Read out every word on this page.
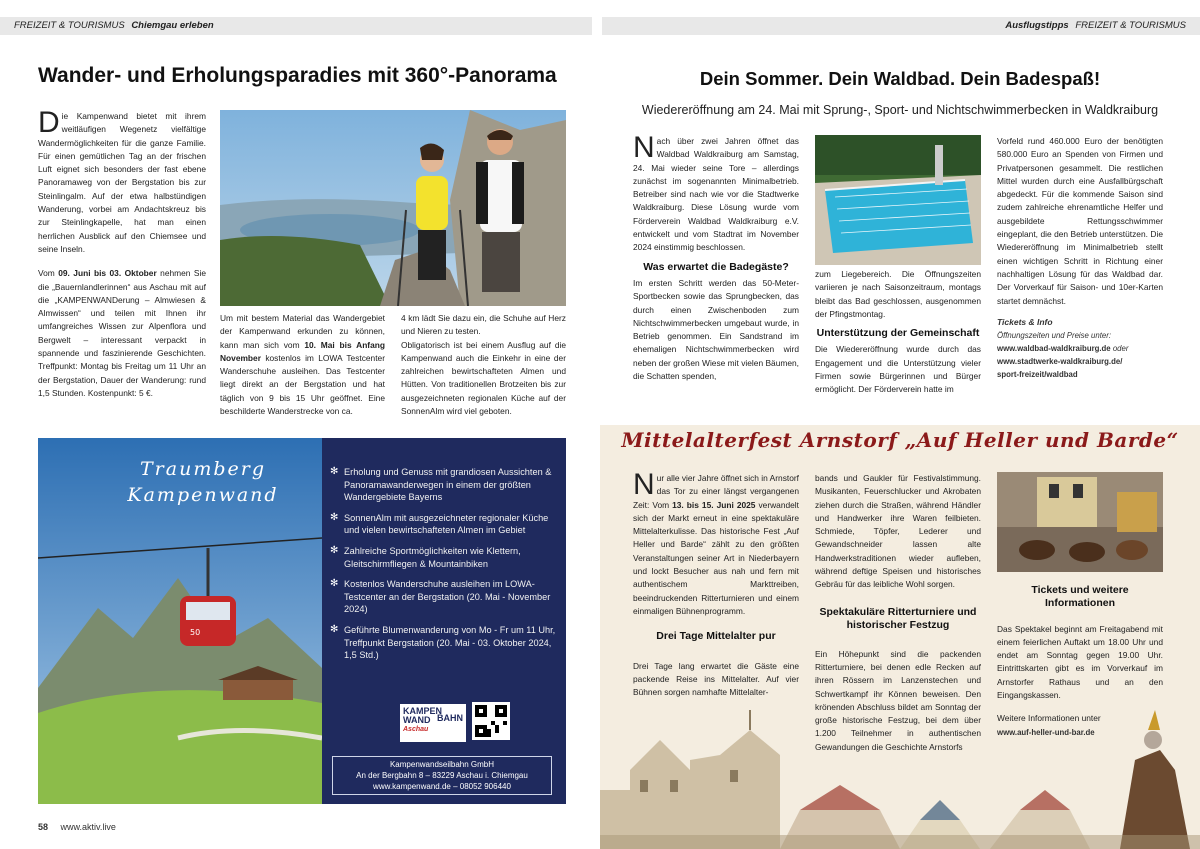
FREIZEIT & TOURISMUS Chiemgau erleben
Wander- und Erholungsparadies mit 360°-Panorama

Die Kampenwand bietet mit ihrem weitläufigen Wegenetz vielfältige Wandermöglichkeiten für die ganze Familie. Für einen gemütlichen Tag an der frischen Luft eignet sich besonders der fast ebene Panoramaweg von der Bergstation bis zur Steinlingalm. Auf der etwa halbstündigen Wanderung, vorbei am Andachtskreuz bis zur Steinlingkapelle, hat man einen herrlichen Ausblick auf den Chiemsee und seine Inseln.

Vom 09. Juni bis 03. Oktober nehmen Sie die „Bauernlandlerinnen“ aus Aschau mit auf die „KAMPENWANDerung – Almwiesen & Almwissen“ und teilen mit Ihnen ihr umfangreiches Wissen zur Alpenflora und Bergwelt – interessant verpackt in spannende und faszinierende Geschichten. Treffpunkt: Montag bis Freitag um 11 Uhr an der Bergstation, Dauer der Wanderung: rund 1,5 Stunden. Kostenpunkt: 5 €.

Um mit bestem Material das Wandergebiet der Kampenwand erkunden zu können, kann man sich vom 10. Mai bis Anfang November kostenlos im LOWA Testcenter Wanderschuhe ausleihen. Das Testcenter liegt direkt an der Bergstation und hat täglich von 9 bis 15 Uhr geöffnet. Eine beschilderte Wanderstrecke von ca.

4 km lädt Sie dazu ein, die Schuhe auf Herz und Nieren zu testen.

Obligatorisch ist bei einem Ausflug auf die Kampenwand auch die Einkehr in eine der zahlreichen bewirtschafteten Almen und Hütten. Von traditionellen Brotzeiten bis zur ausgezeichneten regionalen Küche auf der SonnenAlm wird viel geboten.

50
Traumberg
Kampenwand
✻ Erholung und Genuss mit grandiosen Aussichten & Panoramawanderwegen in einem der größten Wandergebiete Bayerns
✻ SonnenAlm mit ausgezeichneter regionaler Küche und vielen bewirtschafteten Almen im Gebiet
✻ Zahlreiche Sportmöglichkeiten wie Klettern, Gleitschirmfliegen & Mountainbiken
✻ Kostenlos Wanderschuhe ausleihen im LOWA-Testcenter an der Bergstation (20. Mai - November 2024)
✻ Geführte Blumenwanderung von Mo - Fr um 11 Uhr, Treffpunkt Bergstation (20. Mai - 03. Oktober 2024, 1,5 Std.)
KAMPEN
WAND
Aschau
BAHN
Kampenwandseilbahn GmbH
An der Bergbahn 8 – 83229 Aschau i. Chiemgau
www.kampenwand.de – 08052 906440
58 www.aktiv.live
Ausflugstipps FREIZEIT & TOURISMUS
Dein Sommer. Dein Waldbad. Dein Badespaß!
Wiedereröffnung am 24. Mai mit Sprung-, Sport- und Nichtschwimmerbecken in Waldkraiburg

Nach über zwei Jahren öffnet das Waldbad Waldkraiburg am Samstag, 24. Mai wieder seine Tore – allerdings zunächst im sogenannten Minimalbetrieb. Betreiber sind nach wie vor die Stadtwerke Waldkraiburg. Diese Lösung wurde vom Förderverein Waldbad Waldkraiburg e.V. entwickelt und vom Stadtrat im November 2024 einstimmig beschlossen.

Was erwartet die Badegäste?

Im ersten Schritt werden das 50-Meter-Sportbecken sowie das Sprungbecken, das durch einen Zwischenboden zum Nichtschwimmerbecken umgebaut wurde, in Betrieb genommen. Ein Sandstrand im ehemaligen Nichtschwimmerbecken wird neben der großen Wiese mit vielen Bäumen, die Schatten spenden,

zum Liegebereich. Die Öffnungszeiten variieren je nach Saisonzeitraum, montags bleibt das Bad geschlossen, ausgenommen der Pfingstmontag.

Unterstützung der Gemeinschaft

Die Wiedereröffnung wurde durch das Engagement und die Unterstützung vieler Firmen sowie Bürgerinnen und Bürger ermöglicht. Der Förderverein hatte im

Vorfeld rund 460.000 Euro der benötigten 580.000 Euro an Spenden von Firmen und Privatpersonen gesammelt. Die restlichen Mittel wurden durch eine Ausfallbürgschaft abgedeckt. Für die kommende Saison sind zudem zahlreiche ehrenamtliche Helfer und ausgebildete Rettungsschwimmer eingeplant, die den Betrieb unterstützen. Die Wiedereröffnung im Minimalbetrieb stellt einen wichtigen Schritt in Richtung einer nachhaltigen Lösung für das Waldbad dar. Der Vorverkauf für Saison- und 10er-Karten startet demnächst.

Tickets & Info
Öffnungszeiten und Preise unter:
www.waldbad-waldkraiburg.de oder
www.stadtwerke-waldkraiburg.de/
sport-freizeit/waldbad
Mittelalterfest Arnstorf „Auf Heller und Barde“

Nur alle vier Jahre öffnet sich in Arnstorf das Tor zu einer längst vergangenen Zeit: Vom 13. bis 15. Juni 2025 verwandelt sich der Markt erneut in eine spektakuläre Mittelalterkulisse. Das historische Fest „Auf Heller und Barde“ zählt zu den größten Veranstaltungen seiner Art in Niederbayern und lockt Besucher aus nah und fern mit authentischem Markttreiben, beeindruckenden Ritterturnieren und einem einmaligen Bühnenprogramm.

Drei Tage Mittelalter pur

Drei Tage lang erwartet die Gäste eine packende Reise ins Mittelalter. Auf vier Bühnen sorgen namhafte Mittelalter-

bands und Gaukler für Festivalstimmung. Musikanten, Feuerschlucker und Akrobaten ziehen durch die Straßen, während Händler und Handwerker ihre Waren feilbieten. Schmiede, Töpfer, Lederer und Gewandschneider lassen alte Handwerkstraditionen wieder aufleben, während deftige Speisen und historisches Gebräu für das leibliche Wohl sorgen.

Spektakuläre Ritterturniere und
historischer Festzug

Ein Höhepunkt sind die packenden Ritterturniere, bei denen edle Recken auf ihren Rössern im Lanzenstechen und Schwertkampf ihr Können beweisen. Den krönenden Abschluss bildet am Sonntag der große historische Festzug, bei dem über 1.200 Teilnehmer in authentischen Gewandungen die Geschichte Arnstorfs

Tickets und weitere Informationen

Das Spektakel beginnt am Freitagabend mit einem feierlichen Auftakt um 18.00 Uhr und endet am Sonntag gegen 19.00 Uhr. Eintrittskarten gibt es im Vorverkauf im Arnstorfer Rathaus und an den Eingangskassen.

Weitere Informationen unter

www.auf-heller-und-bar.de
